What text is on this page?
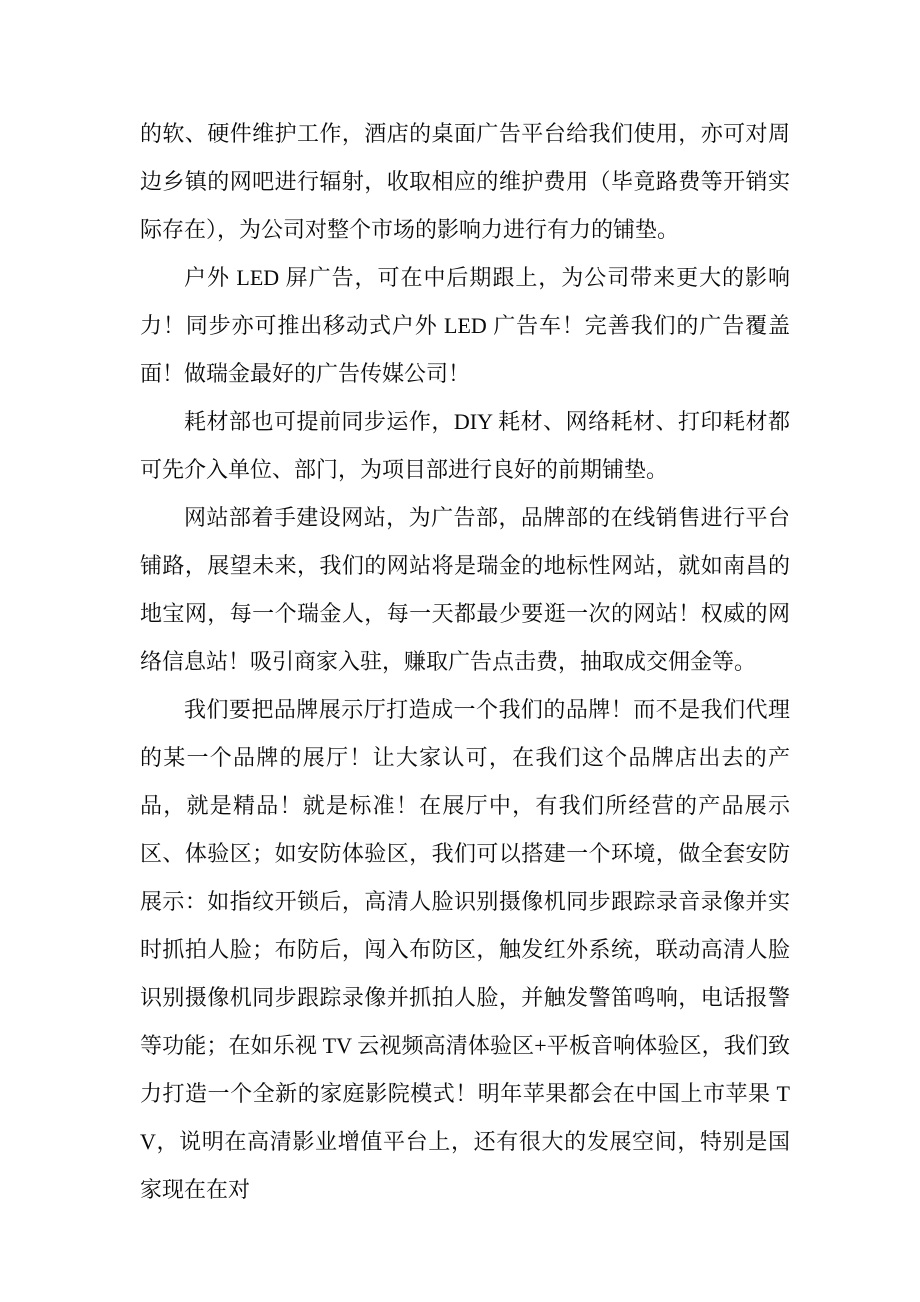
的软、硬件维护工作，酒店的桌面广告平台给我们使用，亦可对周边乡镇的网吧进行辐射，收取相应的维护费用（毕竟路费等开销实际存在），为公司对整个市场的影响力进行有力的铺垫。

户外 LED 屏广告，可在中后期跟上，为公司带来更大的影响力！同步亦可推出移动式户外 LED 广告车！完善我们的广告覆盖面！做瑞金最好的广告传媒公司！

耗材部也可提前同步运作，DIY 耗材、网络耗材、打印耗材都可先介入单位、部门，为项目部进行良好的前期铺垫。

网站部着手建设网站，为广告部，品牌部的在线销售进行平台铺路，展望未来，我们的网站将是瑞金的地标性网站，就如南昌的地宝网，每一个瑞金人，每一天都最少要逛一次的网站！权威的网络信息站！吸引商家入驻，赚取广告点击费，抽取成交佣金等。

我们要把品牌展示厅打造成一个我们的品牌！而不是我们代理的某一个品牌的展厅！让大家认可，在我们这个品牌店出去的产品，就是精品！就是标准！在展厅中，有我们所经营的产品展示区、体验区；如安防体验区，我们可以搭建一个环境，做全套安防展示：如指纹开锁后，高清人脸识别摄像机同步跟踪录音录像并实时抓拍人脸；布防后，闯入布防区，触发红外系统，联动高清人脸识别摄像机同步跟踪录像并抓拍人脸，并触发警笛鸣响，电话报警等功能；在如乐视 TV 云视频高清体验区+平板音响体验区，我们致力打造一个全新的家庭影院模式！明年苹果都会在中国上市苹果 TV，说明在高清影业增值平台上，还有很大的发展空间，特别是国家现在在对
